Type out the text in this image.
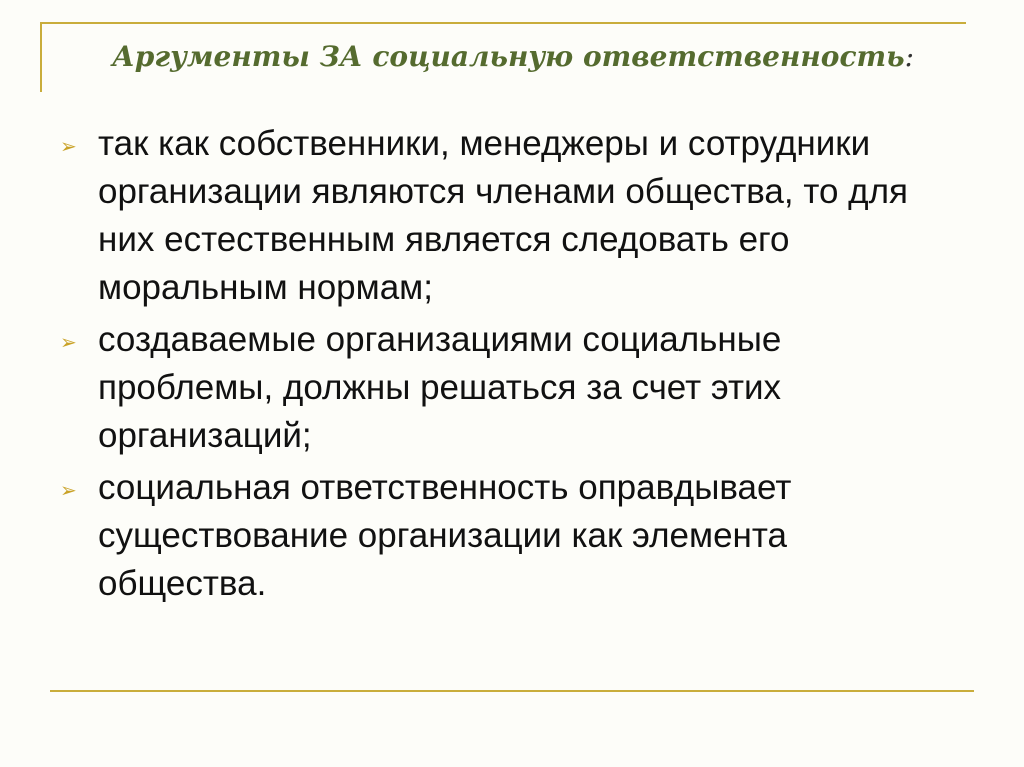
Аргументы ЗА социальную ответственность:
➢ так как собственники, менеджеры и сотрудники организации являются членами общества, то для них естественным является следовать его моральным нормам;
➢ создаваемые организациями социальные проблемы, должны решаться за счет этих организаций;
➢ социальная ответственность оправдывает существование организации как элемента общества.
